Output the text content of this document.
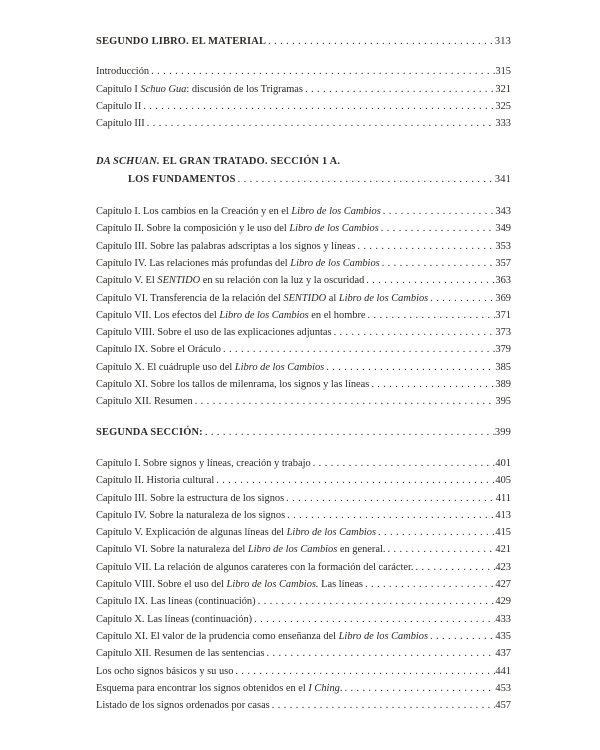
SEGUNDO LIBRO. EL MATERIAL . . .	313
Introducción . . .	315
Capítulo I Schuo Gua: discusión de los Trigramas . . .	321
Capítulo II . . .	325
Capítulo III . . .	333
DA SCHUAN. EL GRAN TRATADO. SECCIÓN 1 A.
LOS FUNDAMENTOS . . .	341
Capítulo I. Los cambios en la Creación y en el Libro de los Cambios . . .	343
Capítulo II. Sobre la composición y le uso del Libro de los Cambios . . .	349
Capítulo III. Sobre las palabras adscriptas a los signos y líneas . . .	353
Capítulo IV. Las relaciones más profundas del Libro de los Cambios . . .	357
Capítulo V. El SENTIDO en su relación con la luz y la oscuridad . . .	363
Capítulo VI. Transferencia de la relación del SENTIDO al Libro de los Cambios . . .	369
Capítulo VII. Los efectos del Libro de los Cambios en el hombre . . .	371
Capítulo VIII. Sobre el uso de las explicaciones adjuntas . . .	373
Capítulo IX. Sobre el Oráculo . . .	379
Capítulo X. El cuádruple uso del Libro de los Cambios . . .	385
Capítulo XI. Sobre los tallos de milenrama, los signos y las líneas . . .	389
Capítulo XII. Resumen . . .	395
SEGUNDA SECCIÓN: . . .	399
Capítulo I. Sobre signos y líneas, creación y trabajo . . .	401
Capítulo II. Historia cultural . . .	405
Capítulo III. Sobre la estructura de los signos . . .	411
Capítulo IV. Sobre la naturaleza de los signos . . .	413
Capítulo V. Explicación de algunas líneas del Libro de los Cambios . . .	415
Capítulo VI. Sobre la naturaleza del Libro de los Cambios en general. . . .	421
Capítulo VII. La relación de algunos carateres con la formación del carácter. . . .	423
Capítulo VIII. Sobre el uso del Libro de los Cambios. Las líneas . . .	427
Capítulo IX. Las líneas (continuación) . . .	429
Capítulo X. Las líneas (continuación) . . .	433
Capítulo XI. El valor de la prudencia como enseñanza del Libro de los Cambios . . .	435
Capítulo XII. Resumen de las sentencias . . .	437
Los ocho signos básicos y su uso . . .	441
Esquema para encontrar los signos obtenidos en el I Ching. . . .	453
Listado de los signos ordenados por casas . . .	457
